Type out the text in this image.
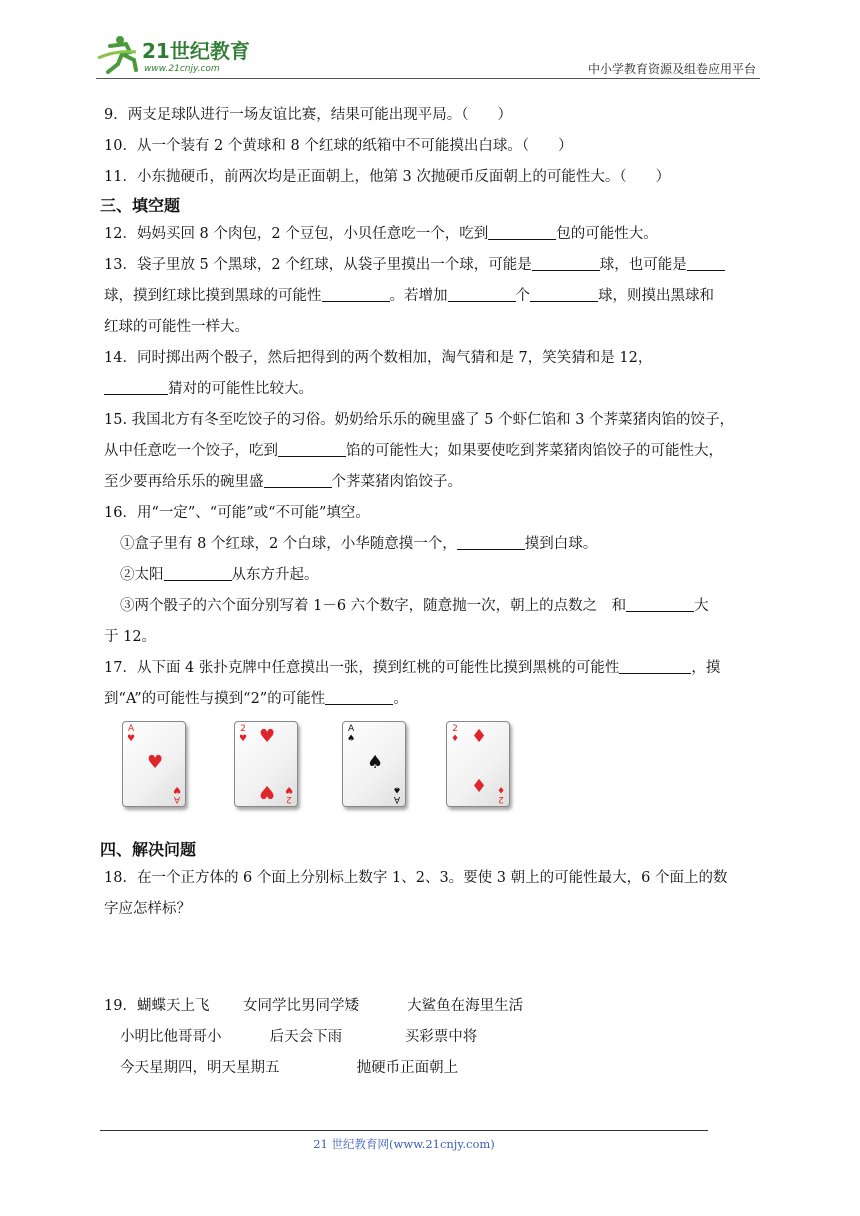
21世纪教育
www.21cnjy.com	中小学教育资源及组卷应用平台
9．两支足球队进行一场友谊比赛，结果可能出现平局。（　　）
10．从一个装有 2 个黄球和 8 个红球的纸箱中不可能摸出白球。（　　）
11．小东抛硬币，前两次均是正面朝上，他第 3 次抛硬币反面朝上的可能性大。（　　）
三、填空题
12．妈妈买回 8 个肉包，2 个豆包，小贝任意吃一个，吃到	包的可能性大。
13．袋子里放 5 个黑球，2 个红球，从袋子里摸出一个球，可能是	球，也可能是
球，摸到红球比摸到黑球的可能性	。若增加	个	球，则摸出黑球和
红球的可能性一样大。
14．同时掷出两个骰子，然后把得到的两个数相加，淘气猜和是 7，笑笑猜和是 12，
猜对的可能性比较大。
15. 我国北方有冬至吃饺子的习俗。奶奶给乐乐的碗里盛了 5 个虾仁馅和 3 个荠菜猪肉馅的饺子，
从中任意吃一个饺子，吃到	馅的可能性大；如果要使吃到荠菜猪肉馅饺子的可能性大，
至少要再给乐乐的碗里盛	个荠菜猪肉馅饺子。
16．用“一定”、“可能”或“不可能”填空。
①盒子里有 8 个红球，2 个白球，小华随意摸一个，	摸到白球。
②太阳	从东方升起。
③两个骰子的六个面分别写着 1－6 六个数字，随意抛一次，朝上的点数之　和	大
于 12。
17．从下面 4 张扑克牌中任意摸出一张，摸到红桃的可能性比摸到黑桃的可能性	，摸
到“A”的可能性与摸到“2”的可能性	。
A
♥
♥
A
♥
2
♥ ♥
♥ 2
♥
A
♠
♠
A
♠
2
♦ ♦
♦
2
♦
四、解决问题
18．在一个正方体的 6 个面上分别标上数字 1、2、3。要使 3 朝上的可能性最大，6 个面上的数
字应怎样标？
19．蝴蝶天上飞　　 女同学比男同学矮　　　 大鲨鱼在海里生活
小明比他哥哥小　　　 后天会下雨　　　　 买彩票中将
今天星期四，明天星期五　　　　　 抛硬币正面朝上
21 世纪教育网(www.21cnjy.com)
